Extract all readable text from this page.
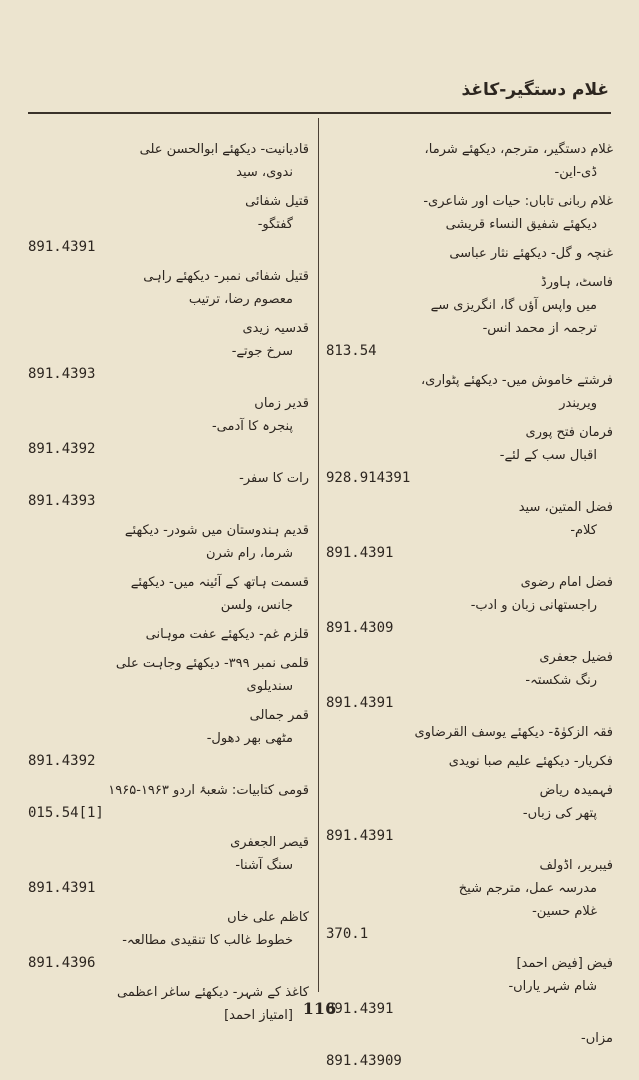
غلام دستگیر-کاغذ
غلام دستگیر، مترجم، دیکھئے شرما،
ڈی-این-
غلام ربانی تاباں: حیات اور شاعری-
دیکھئے شفیق النساء قریشی
غنچہ و گل- دیکھئے نثار عباسی
فاسٹ، ہاورڈ
میں واپس آؤں گا، انگریزی سے
ترجمہ از محمد انس-
813.54
فرشتے خاموش میں- دیکھئے پٹواری،
ویریندر
فرمان فتح پوری
اقبال سب کے لئے-
928.914391
فضل المتین، سید
کلام-
891.4391
فضل امام رضوی
راجستھانی زبان و ادب-
891.4309
فضیل جعفری
رنگ شکستہ-
891.4391
فقہ الزکوٰۃ- دیکھئے یوسف القرضاوی
فکریار- دیکھئے علیم صبا نویدی
فہمیدہ ریاض
پتھر کی زباں-
891.4391
فیبریر، اڈولف
مدرسہ عمل، مترجم شیخ
غلام حسین-
370.1
فیض [فیض احمد]
شام شہر یاراں-
891.4391
مزاں-
891.43909
قادیانیت- دیکھئے ابوالحسن علی
ندوی، سید
قتیل شفائی
گفتگو-
891.4391
قتیل شفائی نمبر- دیکھئے راہی
معصوم رضا، ترتیب
قدسیہ زیدی
سرخ جوتے-
891.4393
قدیر زماں
پنجرہ کا آدمی-
891.4392
رات کا سفر-
891.4393
قدیم ہندوستان میں شودر- دیکھئے
شرما، رام شرن
قسمت ہاتھ کے آئینہ میں- دیکھئے
جانس، ولسن
قلزم غم- دیکھئے عفت موہانی
قلمی نمبر ۳۹۹- دیکھئے وجاہت علی
سندیلوی
قمر جمالی
مٹھی بھر دھول-
891.4392
قومی کتابیات: شعبۂ اردو ۱۹۶۳-۱۹۶۵
015.54[1]
قیصر الجعفری
سنگ آشنا-
891.4391
کاظم علی خاں
خطوط غالب کا تنقیدی مطالعہ-
891.4396
کاغذ کے شہر- دیکھئے ساغر اعظمی
[امتیاز احمد] 116
